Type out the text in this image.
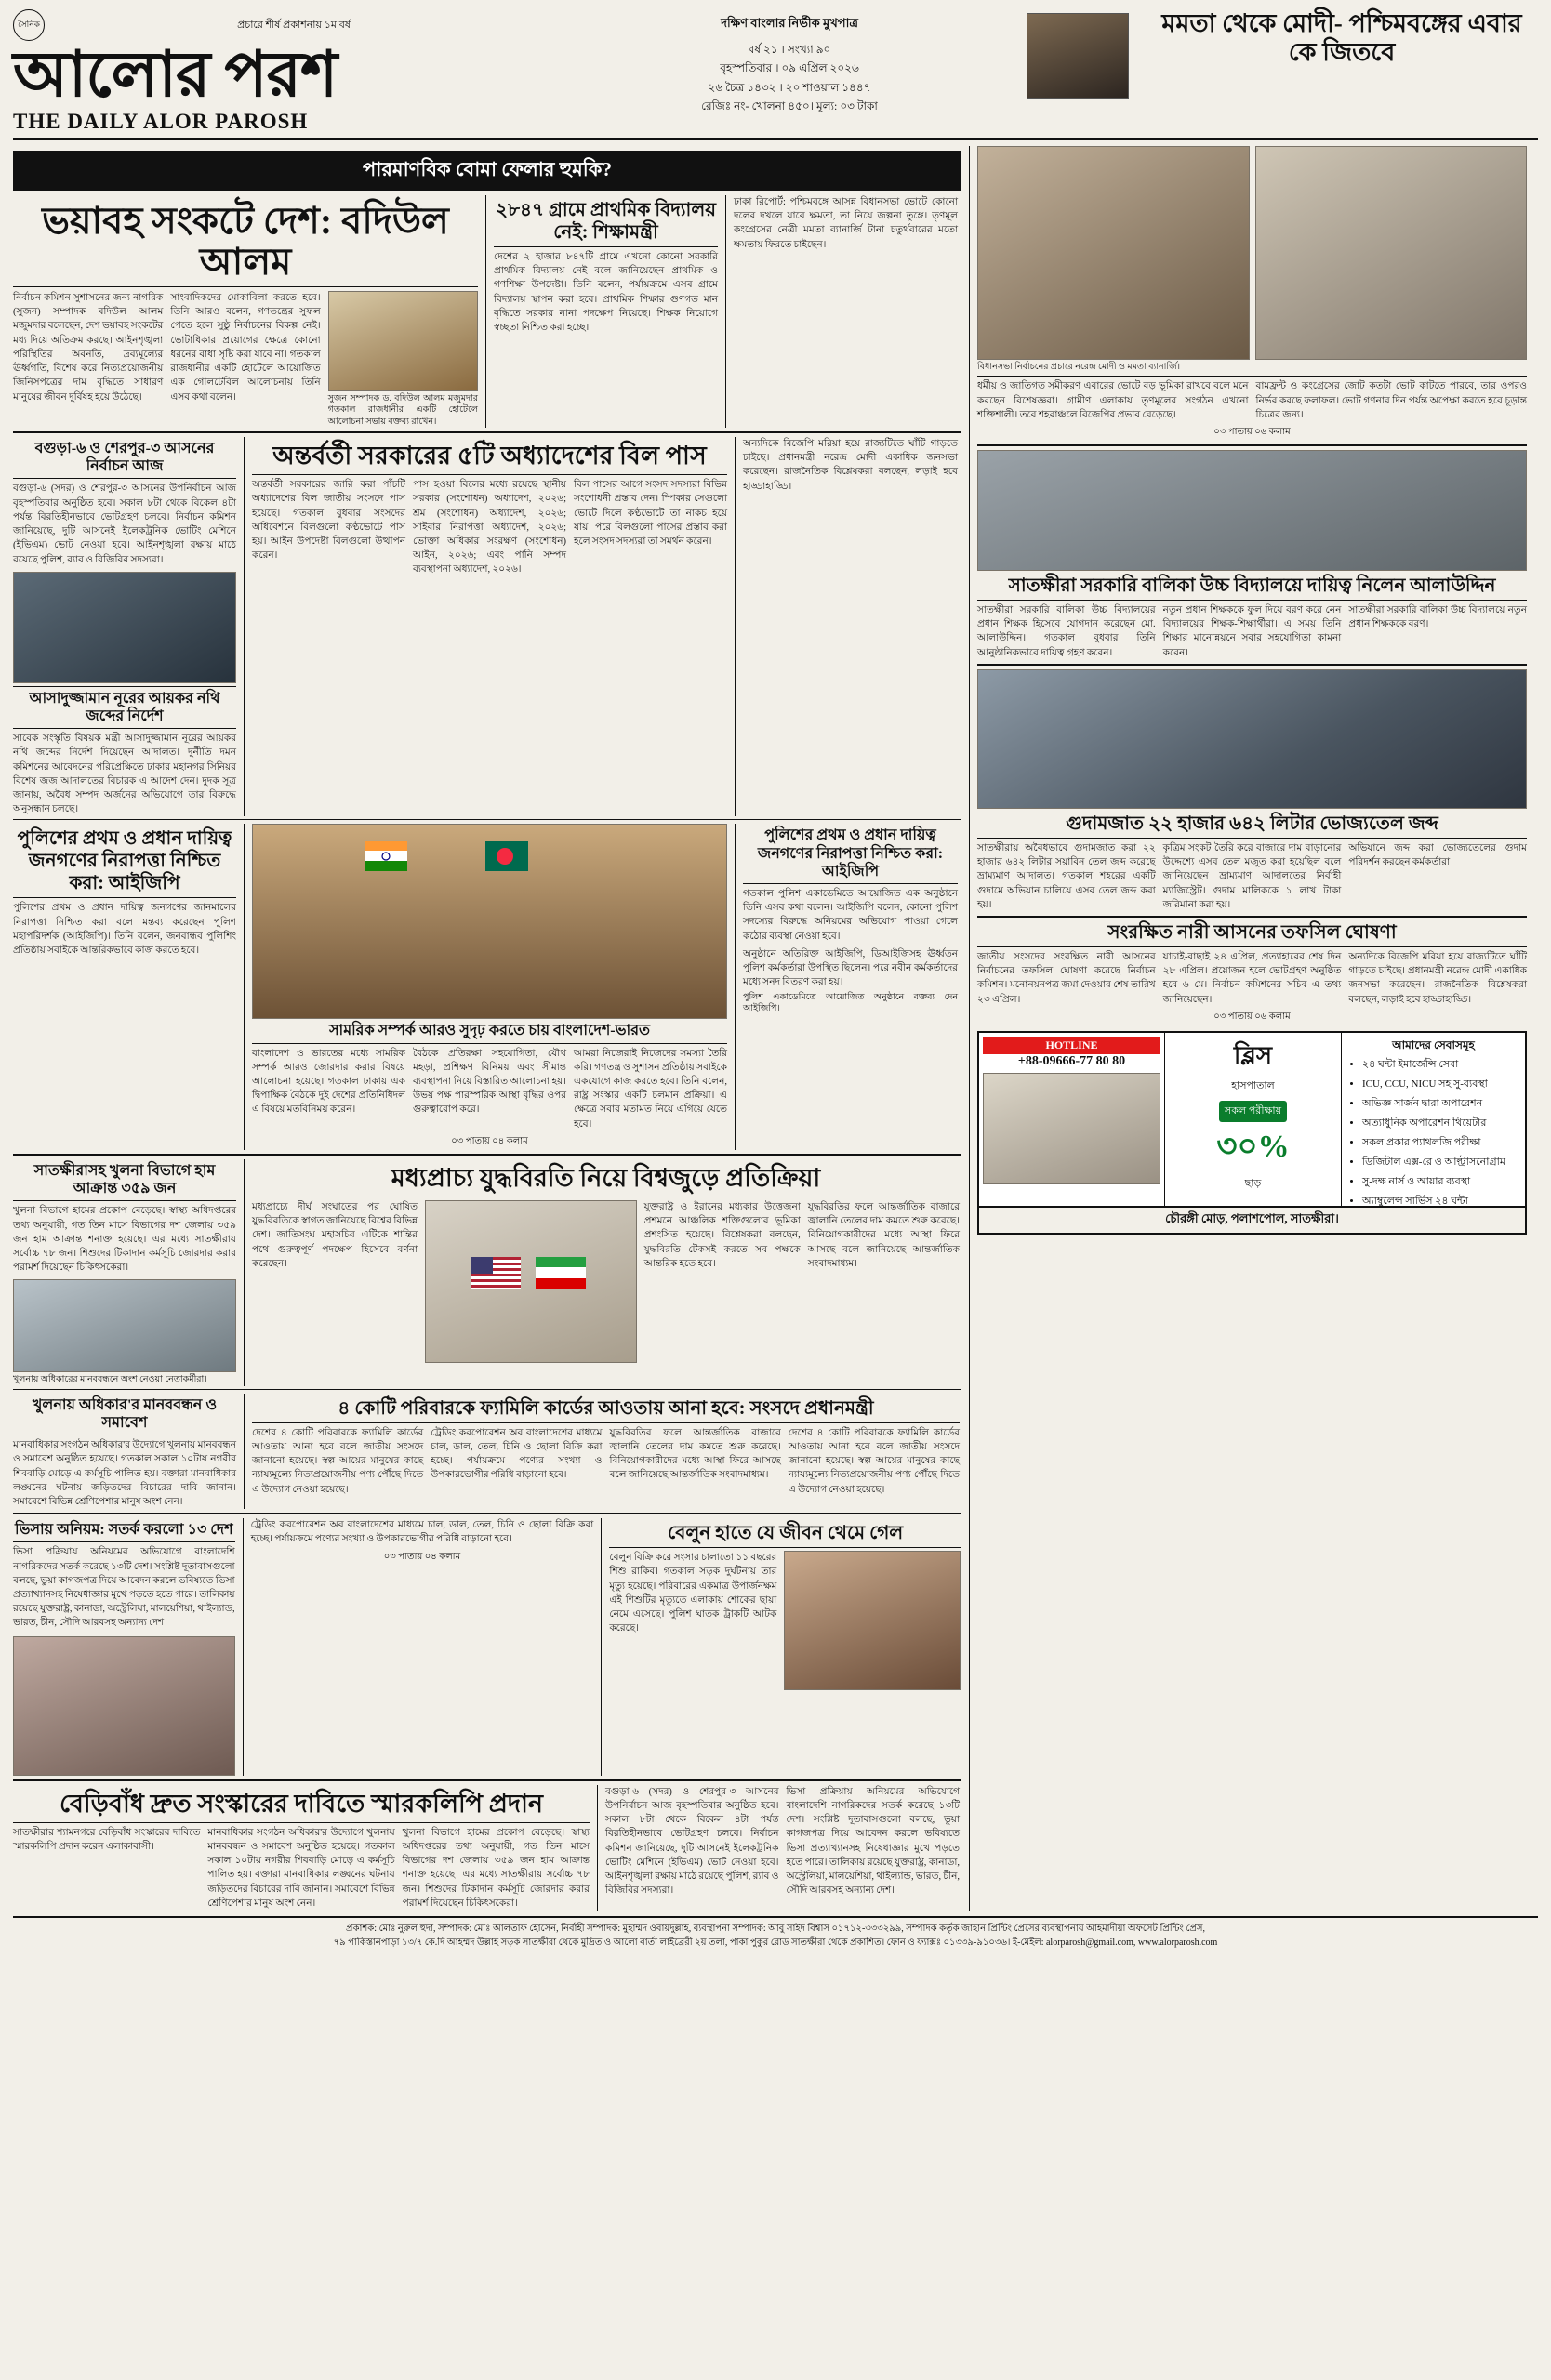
সৈনিক	প্রচারে শীর্ষ প্রকাশনায় ১ম বর্ষ
আলোর পরশ
THE DAILY ALOR PAROSH
দক্ষিণ বাংলার নির্ভীক মুখপাত্র
বর্ষ ২১ । সংখ্যা ৯০
বৃহস্পতিবার । ০৯ এপ্রিল ২০২৬
২৬ চৈত্র ১৪৩২ । ২০ শাওয়াল ১৪৪৭
রেজিঃ নং- খোলনা ৪৫০। মূল্য: ০৩ টাকা
মমতা থেকে মোদী- পশ্চিমবঙ্গের এবার কে জিতবে
পারমাণবিক বোমা ফেলার হুমকি?
ভয়াবহ সংকটে দেশ: বদিউল আলম
নির্বাচন কমিশন সুশাসনের জন্য নাগরিক (সুজন) সম্পাদক বদিউল আলম মজুমদার বলেছেন, দেশ ভয়াবহ সংকটের মধ্য দিয়ে অতিক্রম করছে। আইনশৃঙ্খলা পরিস্থিতির অবনতি, দ্রব্যমূল্যের ঊর্ধ্বগতি, বিশেষ করে নিত্যপ্রয়োজনীয় জিনিসপত্রের দাম বৃদ্ধিতে সাধারণ মানুষের জীবন দুর্বিষহ হয়ে উঠেছে।
সাংবাদিকদের মোকাবিলা করতে হবে। তিনি আরও বলেন, গণতন্ত্রের সুফল পেতে হলে সুষ্ঠু নির্বাচনের বিকল্প নেই। ভোটাধিকার প্রয়োগের ক্ষেত্রে কোনো ধরনের বাধা সৃষ্টি করা যাবে না। গতকাল রাজধানীর একটি হোটেলে আয়োজিত এক গোলটেবিল আলোচনায় তিনি এসব কথা বলেন।	সুজন সম্পাদক ড. বদিউল আলম মজুমদার গতকাল রাজধানীর একটি হোটেলে আলোচনা সভায় বক্তব্য রাখেন।
২৮৪৭ গ্রামে প্রাথমিক বিদ্যালয় নেই: শিক্ষামন্ত্রী
দেশের ২ হাজার ৮৪৭টি গ্রামে এখনো কোনো সরকারি প্রাথমিক বিদ্যালয় নেই বলে জানিয়েছেন প্রাথমিক ও গণশিক্ষা উপদেষ্টা। তিনি বলেন, পর্যায়ক্রমে এসব গ্রামে বিদ্যালয় স্থাপন করা হবে। প্রাথমিক শিক্ষার গুণগত মান বৃদ্ধিতে সরকার নানা পদক্ষেপ নিয়েছে। শিক্ষক নিয়োগে স্বচ্ছতা নিশ্চিত করা হচ্ছে।
ঢাকা রিপোর্ট: পশ্চিমবঙ্গে আসন্ন বিধানসভা ভোটে কোনো দলের দখলে যাবে ক্ষমতা, তা নিয়ে জল্পনা তুঙ্গে। তৃণমূল কংগ্রেসের নেত্রী মমতা ব্যানার্জি টানা চতুর্থবারের মতো ক্ষমতায় ফিরতে চাইছেন।
বগুড়া-৬ ও শেরপুর-৩ আসনের নির্বাচন আজ
বগুড়া-৬ (সদর) ও শেরপুর-৩ আসনের উপনির্বাচন আজ বৃহস্পতিবার অনুষ্ঠিত হবে। সকাল ৮টা থেকে বিকেল ৪টা পর্যন্ত বিরতিহীনভাবে ভোটগ্রহণ চলবে। নির্বাচন কমিশন জানিয়েছে, দুটি আসনেই ইলেকট্রনিক ভোটিং মেশিনে (ইভিএম) ভোট নেওয়া হবে। আইনশৃঙ্খলা রক্ষায় মাঠে রয়েছে পুলিশ, র‍্যাব ও বিজিবির সদস্যরা।
আসাদুজ্জামান নূরের আয়কর নথি জব্দের নির্দেশ
সাবেক সংস্কৃতি বিষয়ক মন্ত্রী আসাদুজ্জামান নূরের আয়কর নথি জব্দের নির্দেশ দিয়েছেন আদালত। দুর্নীতি দমন কমিশনের আবেদনের পরিপ্রেক্ষিতে ঢাকার মহানগর সিনিয়র বিশেষ জজ আদালতের বিচারক এ আদেশ দেন। দুদক সূত্র জানায়, অবৈধ সম্পদ অর্জনের অভিযোগে তার বিরুদ্ধে অনুসন্ধান চলছে।
অন্তর্বর্তী সরকারের ৫টি অধ্যাদেশের বিল পাস
অন্তর্বর্তী সরকারের জারি করা পাঁচটি অধ্যাদেশের বিল জাতীয় সংসদে পাস হয়েছে। গতকাল বুধবার সংসদের অধিবেশনে বিলগুলো কণ্ঠভোটে পাস হয়। আইন উপদেষ্টা বিলগুলো উত্থাপন করেন।
পাস হওয়া বিলের মধ্যে রয়েছে স্থানীয় সরকার (সংশোধন) অধ্যাদেশ, ২০২৬; শ্রম (সংশোধন) অধ্যাদেশ, ২০২৬; সাইবার নিরাপত্তা অধ্যাদেশ, ২০২৬; ভোক্তা অধিকার সংরক্ষণ (সংশোধন) আইন, ২০২৬; এবং পানি সম্পদ ব্যবস্থাপনা অধ্যাদেশ, ২০২৬।
বিল পাসের আগে সংসদ সদস্যরা বিভিন্ন সংশোধনী প্রস্তাব দেন। স্পিকার সেগুলো ভোটে দিলে কণ্ঠভোটে তা নাকচ হয়ে যায়। পরে বিলগুলো পাসের প্রস্তাব করা হলে সংসদ সদস্যরা তা সমর্থন করেন।
অন্যদিকে বিজেপি মরিয়া হয়ে রাজ্যটিতে ঘাঁটি গাড়তে চাইছে। প্রধানমন্ত্রী নরেন্দ্র মোদী একাধিক জনসভা করেছেন। রাজনৈতিক বিশ্লেষকরা বলছেন, লড়াই হবে হাড্ডাহাড্ডি।
পুলিশের প্রথম ও প্রধান দায়িত্ব জনগণের নিরাপত্তা নিশ্চিত করা: আইজিপি
পুলিশের প্রথম ও প্রধান দায়িত্ব জনগণের জানমালের নিরাপত্তা নিশ্চিত করা বলে মন্তব্য করেছেন পুলিশ মহাপরিদর্শক (আইজিপি)। তিনি বলেন, জনবান্ধব পুলিশিং প্রতিষ্ঠায় সবাইকে আন্তরিকভাবে কাজ করতে হবে।
সামরিক সম্পর্ক আরও সুদৃঢ় করতে চায় বাংলাদেশ-ভারত
বাংলাদেশ ও ভারতের মধ্যে সামরিক সম্পর্ক আরও জোরদার করার বিষয়ে আলোচনা হয়েছে। গতকাল ঢাকায় এক দ্বিপাক্ষিক বৈঠকে দুই দেশের প্রতিনিধিদল এ বিষয়ে মতবিনিময় করেন।
বৈঠকে প্রতিরক্ষা সহযোগিতা, যৌথ মহড়া, প্রশিক্ষণ বিনিময় এবং সীমান্ত ব্যবস্থাপনা নিয়ে বিস্তারিত আলোচনা হয়। উভয় পক্ষ পারস্পরিক আস্থা বৃদ্ধির ওপর গুরুত্বারোপ করে।
আমরা নিজেরাই নিজেদের সমস্যা তৈরি করি। গণতন্ত্র ও সুশাসন প্রতিষ্ঠায় সবাইকে একযোগে কাজ করতে হবে। তিনি বলেন, রাষ্ট্র সংস্কার একটি চলমান প্রক্রিয়া। এ ক্ষেত্রে সবার মতামত নিয়ে এগিয়ে যেতে হবে।
০৩ পাতায় ০৪ কলাম
পুলিশের প্রথম ও প্রধান দায়িত্ব জনগণের নিরাপত্তা নিশ্চিত করা: আইজিপি
গতকাল পুলিশ একাডেমিতে আয়োজিত এক অনুষ্ঠানে তিনি এসব কথা বলেন। আইজিপি বলেন, কোনো পুলিশ সদস্যের বিরুদ্ধে অনিয়মের অভিযোগ পাওয়া গেলে কঠোর ব্যবস্থা নেওয়া হবে।
অনুষ্ঠানে অতিরিক্ত আইজিপি, ডিআইজিসহ ঊর্ধ্বতন পুলিশ কর্মকর্তারা উপস্থিত ছিলেন। পরে নবীন কর্মকর্তাদের মধ্যে সনদ বিতরণ করা হয়।
পুলিশ একাডেমিতে আয়োজিত অনুষ্ঠানে বক্তব্য দেন আইজিপি।
সাতক্ষীরাসহ খুলনা বিভাগে হাম আক্রান্ত ৩৫৯ জন
খুলনা বিভাগে হামের প্রকোপ বেড়েছে। স্বাস্থ্য অধিদপ্তরের তথ্য অনুযায়ী, গত তিন মাসে বিভাগের দশ জেলায় ৩৫৯ জন হাম আক্রান্ত শনাক্ত হয়েছে। এর মধ্যে সাতক্ষীরায় সর্বোচ্চ ৭৮ জন। শিশুদের টিকাদান কর্মসূচি জোরদার করার পরামর্শ দিয়েছেন চিকিৎসকেরা।
খুলনায় অধিকারের মানববন্ধনে অংশ নেওয়া নেতাকর্মীরা।
মধ্যপ্রাচ্য যুদ্ধবিরতি নিয়ে বিশ্বজুড়ে প্রতিক্রিয়া
মধ্যপ্রাচ্যে দীর্ঘ সংঘাতের পর ঘোষিত যুদ্ধবিরতিকে স্বাগত জানিয়েছে বিশ্বের বিভিন্ন দেশ। জাতিসংঘ মহাসচিব এটিকে শান্তির পথে গুরুত্বপূর্ণ পদক্ষেপ হিসেবে বর্ণনা করেছেন।
যুক্তরাষ্ট্র ও ইরানের মধ্যকার উত্তেজনা প্রশমনে আঞ্চলিক শক্তিগুলোর ভূমিকা প্রশংসিত হয়েছে। বিশ্লেষকরা বলছেন, যুদ্ধবিরতি টেকসই করতে সব পক্ষকে আন্তরিক হতে হবে।
যুদ্ধবিরতির ফলে আন্তর্জাতিক বাজারে জ্বালানি তেলের দাম কমতে শুরু করেছে। বিনিয়োগকারীদের মধ্যে আস্থা ফিরে আসছে বলে জানিয়েছে আন্তর্জাতিক সংবাদমাধ্যম।
খুলনায় অধিকার'র মানববন্ধন ও সমাবেশ
মানবাধিকার সংগঠন অধিকার'র উদ্যোগে খুলনায় মানববন্ধন ও সমাবেশ অনুষ্ঠিত হয়েছে। গতকাল সকাল ১০টায় নগরীর শিববাড়ি মোড়ে এ কর্মসূচি পালিত হয়। বক্তারা মানবাধিকার লঙ্ঘনের ঘটনায় জড়িতদের বিচারের দাবি জানান। সমাবেশে বিভিন্ন শ্রেণিপেশার মানুষ অংশ নেন।
৪ কোটি পরিবারকে ফ্যামিলি কার্ডের আওতায় আনা হবে: সংসদে প্রধানমন্ত্রী
দেশের ৪ কোটি পরিবারকে ফ্যামিলি কার্ডের আওতায় আনা হবে বলে জাতীয় সংসদে জানানো হয়েছে। স্বল্প আয়ের মানুষের কাছে ন্যায্যমূল্যে নিত্যপ্রয়োজনীয় পণ্য পৌঁছে দিতে এ উদ্যোগ নেওয়া হয়েছে।
ট্রেডিং করপোরেশন অব বাংলাদেশের মাধ্যমে চাল, ডাল, তেল, চিনি ও ছোলা বিক্রি করা হচ্ছে। পর্যায়ক্রমে পণ্যের সংখ্যা ও উপকারভোগীর পরিধি বাড়ানো হবে।
যুদ্ধবিরতির ফলে আন্তর্জাতিক বাজারে জ্বালানি তেলের দাম কমতে শুরু করেছে। বিনিয়োগকারীদের মধ্যে আস্থা ফিরে আসছে বলে জানিয়েছে আন্তর্জাতিক সংবাদমাধ্যম।
দেশের ৪ কোটি পরিবারকে ফ্যামিলি কার্ডের আওতায় আনা হবে বলে জাতীয় সংসদে জানানো হয়েছে। স্বল্প আয়ের মানুষের কাছে ন্যায্যমূল্যে নিত্যপ্রয়োজনীয় পণ্য পৌঁছে দিতে এ উদ্যোগ নেওয়া হয়েছে।
ভিসায় অনিয়ম: সতর্ক করলো ১৩ দেশ
ভিসা প্রক্রিয়ায় অনিয়মের অভিযোগে বাংলাদেশি নাগরিকদের সতর্ক করেছে ১৩টি দেশ। সংশ্লিষ্ট দূতাবাসগুলো বলছে, ভুয়া কাগজপত্র দিয়ে আবেদন করলে ভবিষ্যতে ভিসা প্রত্যাখ্যানসহ নিষেধাজ্ঞার মুখে পড়তে হতে পারে। তালিকায় রয়েছে যুক্তরাষ্ট্র, কানাডা, অস্ট্রেলিয়া, মালয়েশিয়া, থাইল্যান্ড, ভারত, চীন, সৌদি আরবসহ অন্যান্য দেশ।
ট্রেডিং করপোরেশন অব বাংলাদেশের মাধ্যমে চাল, ডাল, তেল, চিনি ও ছোলা বিক্রি করা হচ্ছে। পর্যায়ক্রমে পণ্যের সংখ্যা ও উপকারভোগীর পরিধি বাড়ানো হবে।
০৩ পাতায় ০৪ কলাম
বেলুন হাতে যে জীবন থেমে গেল
বেলুন বিক্রি করে সংসার চালাতো ১১ বছরের শিশু রাকিব। গতকাল সড়ক দুর্ঘটনায় তার মৃত্যু হয়েছে। পরিবারের একমাত্র উপার্জনক্ষম এই শিশুটির মৃত্যুতে এলাকায় শোকের ছায়া নেমে এসেছে। পুলিশ ঘাতক ট্রাকটি আটক করেছে।
বেড়িবাঁধ দ্রুত সংস্কারের দাবিতে স্মারকলিপি প্রদান
সাতক্ষীরার শ্যামনগরে বেড়িবাঁধ সংস্কারের দাবিতে স্মারকলিপি প্রদান করেন এলাকাবাসী।
মানবাধিকার সংগঠন অধিকার'র উদ্যোগে খুলনায় মানববন্ধন ও সমাবেশ অনুষ্ঠিত হয়েছে। গতকাল সকাল ১০টায় নগরীর শিববাড়ি মোড়ে এ কর্মসূচি পালিত হয়। বক্তারা মানবাধিকার লঙ্ঘনের ঘটনায় জড়িতদের বিচারের দাবি জানান। সমাবেশে বিভিন্ন শ্রেণিপেশার মানুষ অংশ নেন।
খুলনা বিভাগে হামের প্রকোপ বেড়েছে। স্বাস্থ্য অধিদপ্তরের তথ্য অনুযায়ী, গত তিন মাসে বিভাগের দশ জেলায় ৩৫৯ জন হাম আক্রান্ত শনাক্ত হয়েছে। এর মধ্যে সাতক্ষীরায় সর্বোচ্চ ৭৮ জন। শিশুদের টিকাদান কর্মসূচি জোরদার করার পরামর্শ দিয়েছেন চিকিৎসকেরা।
বগুড়া-৬ (সদর) ও শেরপুর-৩ আসনের উপনির্বাচন আজ বৃহস্পতিবার অনুষ্ঠিত হবে। সকাল ৮টা থেকে বিকেল ৪টা পর্যন্ত বিরতিহীনভাবে ভোটগ্রহণ চলবে। নির্বাচন কমিশন জানিয়েছে, দুটি আসনেই ইলেকট্রনিক ভোটিং মেশিনে (ইভিএম) ভোট নেওয়া হবে। আইনশৃঙ্খলা রক্ষায় মাঠে রয়েছে পুলিশ, র‍্যাব ও বিজিবির সদস্যরা।
ভিসা প্রক্রিয়ায় অনিয়মের অভিযোগে বাংলাদেশি নাগরিকদের সতর্ক করেছে ১৩টি দেশ। সংশ্লিষ্ট দূতাবাসগুলো বলছে, ভুয়া কাগজপত্র দিয়ে আবেদন করলে ভবিষ্যতে ভিসা প্রত্যাখ্যানসহ নিষেধাজ্ঞার মুখে পড়তে হতে পারে। তালিকায় রয়েছে যুক্তরাষ্ট্র, কানাডা, অস্ট্রেলিয়া, মালয়েশিয়া, থাইল্যান্ড, ভারত, চীন, সৌদি আরবসহ অন্যান্য দেশ।
বিধানসভা নির্বাচনের প্রচারে নরেন্দ্র মোদী ও মমতা ব্যানার্জি।
ধর্মীয় ও জাতিগত সমীকরণ এবারের ভোটে বড় ভূমিকা রাখবে বলে মনে করছেন বিশেষজ্ঞরা। গ্রামীণ এলাকায় তৃণমূলের সংগঠন এখনো শক্তিশালী। তবে শহরাঞ্চলে বিজেপির প্রভাব বেড়েছে।
বামফ্রন্ট ও কংগ্রেসের জোট কতটা ভোট কাটতে পারবে, তার ওপরও নির্ভর করছে ফলাফল। ভোট গণনার দিন পর্যন্ত অপেক্ষা করতে হবে চূড়ান্ত চিত্রের জন্য।
০৩ পাতায় ০৬ কলাম
সাতক্ষীরা সরকারি বালিকা উচ্চ বিদ্যালয়ে দায়িত্ব নিলেন আলাউদ্দিন
সাতক্ষীরা সরকারি বালিকা উচ্চ বিদ্যালয়ের প্রধান শিক্ষক হিসেবে যোগদান করেছেন মো. আলাউদ্দিন। গতকাল বুধবার তিনি আনুষ্ঠানিকভাবে দায়িত্ব গ্রহণ করেন।
নতুন প্রধান শিক্ষককে ফুল দিয়ে বরণ করে নেন বিদ্যালয়ের শিক্ষক-শিক্ষার্থীরা। এ সময় তিনি শিক্ষার মানোন্নয়নে সবার সহযোগিতা কামনা করেন।
সাতক্ষীরা সরকারি বালিকা উচ্চ বিদ্যালয়ে নতুন প্রধান শিক্ষককে বরণ।
গুদামজাত ২২ হাজার ৬৪২ লিটার ভোজ্যতেল জব্দ
সাতক্ষীরায় অবৈধভাবে গুদামজাত করা ২২ হাজার ৬৪২ লিটার সয়াবিন তেল জব্দ করেছে ভ্রাম্যমাণ আদালত। গতকাল শহরের একটি গুদামে অভিযান চালিয়ে এসব তেল জব্দ করা হয়।
কৃত্রিম সংকট তৈরি করে বাজারে দাম বাড়ানোর উদ্দেশ্যে এসব তেল মজুত করা হয়েছিল বলে জানিয়েছেন ভ্রাম্যমাণ আদালতের নির্বাহী ম্যাজিস্ট্রেট। গুদাম মালিককে ১ লাখ টাকা জরিমানা করা হয়।
অভিযানে জব্দ করা ভোজ্যতেলের গুদাম পরিদর্শন করছেন কর্মকর্তারা।
সংরক্ষিত নারী আসনের তফসিল ঘোষণা
জাতীয় সংসদের সংরক্ষিত নারী আসনের নির্বাচনের তফসিল ঘোষণা করেছে নির্বাচন কমিশন। মনোনয়নপত্র জমা দেওয়ার শেষ তারিখ ২৩ এপ্রিল।
যাচাই-বাছাই ২৪ এপ্রিল, প্রত্যাহারের শেষ দিন ২৮ এপ্রিল। প্রয়োজন হলে ভোটগ্রহণ অনুষ্ঠিত হবে ৬ মে। নির্বাচন কমিশনের সচিব এ তথ্য জানিয়েছেন।
অন্যদিকে বিজেপি মরিয়া হয়ে রাজ্যটিতে ঘাঁটি গাড়তে চাইছে। প্রধানমন্ত্রী নরেন্দ্র মোদী একাধিক জনসভা করেছেন। রাজনৈতিক বিশ্লেষকরা বলছেন, লড়াই হবে হাড্ডাহাড্ডি।
০৩ পাতায় ০৬ কলাম
HOTLINE
+88-09666-77 80 80	ব্লিস
হাসপাতাল
সকল পরীক্ষায়
৩০%
ছাড়
আমাদের সেবাসমূহ
• ২৪ ঘন্টা ইমার্জেন্সি সেবা
• ICU, CCU, NICU সহ সু-ব্যবস্থা
• অভিজ্ঞ সার্জন দ্বারা অপারেশন
• অত্যাধুনিক অপারেশন থিয়েটার
• সকল প্রকার প্যাথলজি পরীক্ষা
• ডিজিটাল এক্স-রে ও আল্ট্রাসনোগ্রাম
• সু-দক্ষ নার্স ও আয়ার ব্যবস্থা
• অ্যাম্বুলেন্স সার্ভিস ২৪ ঘন্টা
চৌরঙ্গী মোড়, পলাশপোল, সাতক্ষীরা।
প্রকাশক: মোঃ নুরুল হুদা, সম্পাদক: মোঃ আলতাফ হোসেন, নির্বাহী সম্পাদক: মুহাম্মদ ওবায়দুল্লাহ, ব্যবস্থাপনা সম্পাদক: আবু সাইদ বিশ্বাস ০১৭১২-৩৩৩২৯৯, সম্পাদক কর্তৃক জাহান প্রিন্টিং প্রেসের ব্যবস্থাপনায় আহমাদীয়া অফসেট প্রিন্টিং প্রেস,
৭৯ পাকিস্তানপাড়া ১৩/৭ কে.দি আহম্মদ উল্লাহ সড়ক সাতক্ষীরা থেকে মুদ্রিত ও আলো বার্তা লাইব্রেরী ২য় তলা, পাকা পুকুর রোড সাতক্ষীরা থেকে প্রকাশিত। ফোন ও ফ্যাক্সঃ ০১৩৩৯-৯১০৩৬। ই-মেইল: alorparosh@gmail.com, www.alorparosh.com
